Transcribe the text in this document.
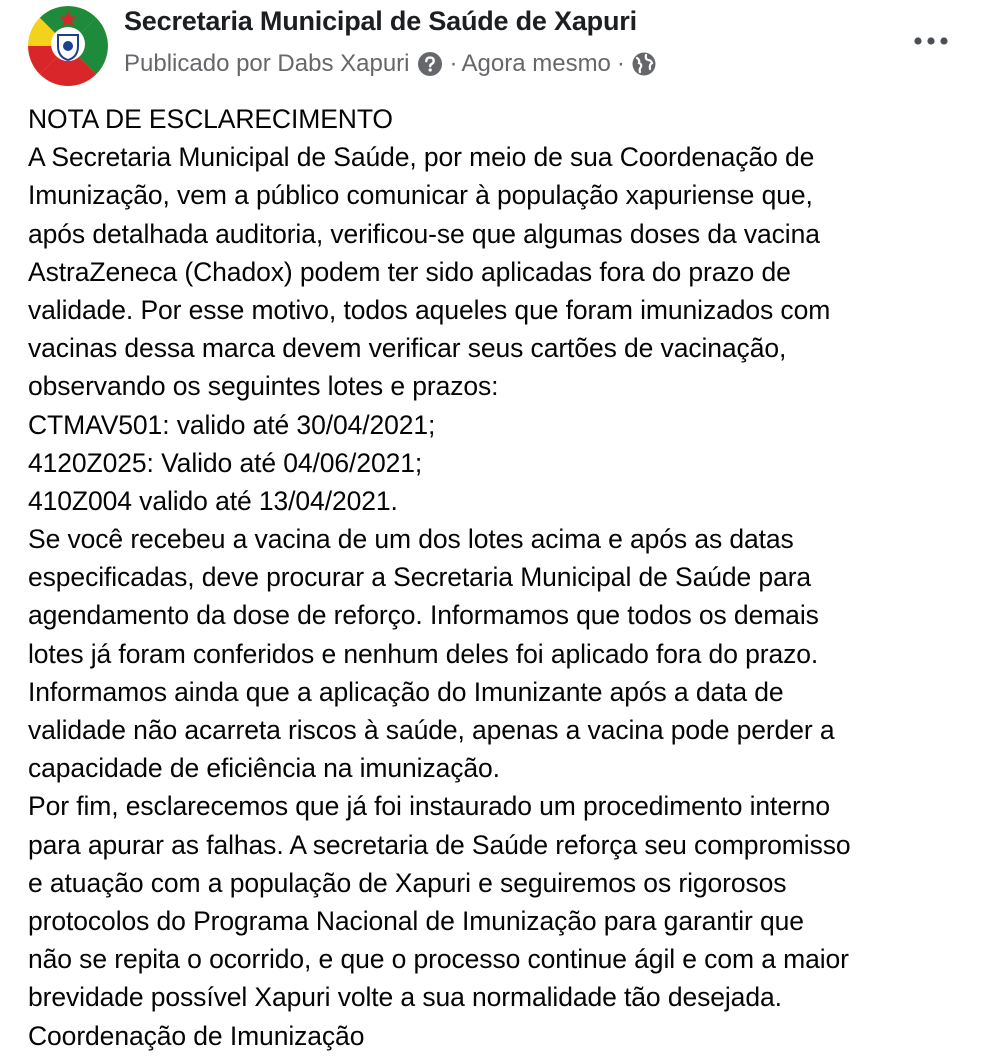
Secretaria Municipal de Saúde de Xapuri
Publicado por Dabs Xapuri · Agora mesmo ·
NOTA DE ESCLARECIMENTO
A Secretaria Municipal de Saúde, por meio de sua Coordenação de
Imunização, vem a público comunicar à população xapuriense que,
após detalhada auditoria, verificou-se que algumas doses da vacina
AstraZeneca (Chadox) podem ter sido aplicadas fora do prazo de
validade. Por esse motivo, todos aqueles que foram imunizados com
vacinas dessa marca devem verificar seus cartões de vacinação,
observando os seguintes lotes e prazos:
CTMAV501: valido até 30/04/2021;
4120Z025: Valido até 04/06/2021;
410Z004 valido até 13/04/2021.
Se você recebeu a vacina de um dos lotes acima e após as datas
especificadas, deve procurar a Secretaria Municipal de Saúde para
agendamento da dose de reforço. Informamos que todos os demais
lotes já foram conferidos e nenhum deles foi aplicado fora do prazo.
Informamos ainda que a aplicação do Imunizante após a data de
validade não acarreta riscos à saúde, apenas a vacina pode perder a
capacidade de eficiência na imunização.
Por fim, esclarecemos que já foi instaurado um procedimento interno
para apurar as falhas. A secretaria de Saúde reforça seu compromisso
e atuação com a população de Xapuri e seguiremos os rigorosos
protocolos do Programa Nacional de Imunização para garantir que
não se repita o ocorrido, e que o processo continue ágil e com a maior
brevidade possível Xapuri volte a sua normalidade tão desejada.
Coordenação de Imunização
